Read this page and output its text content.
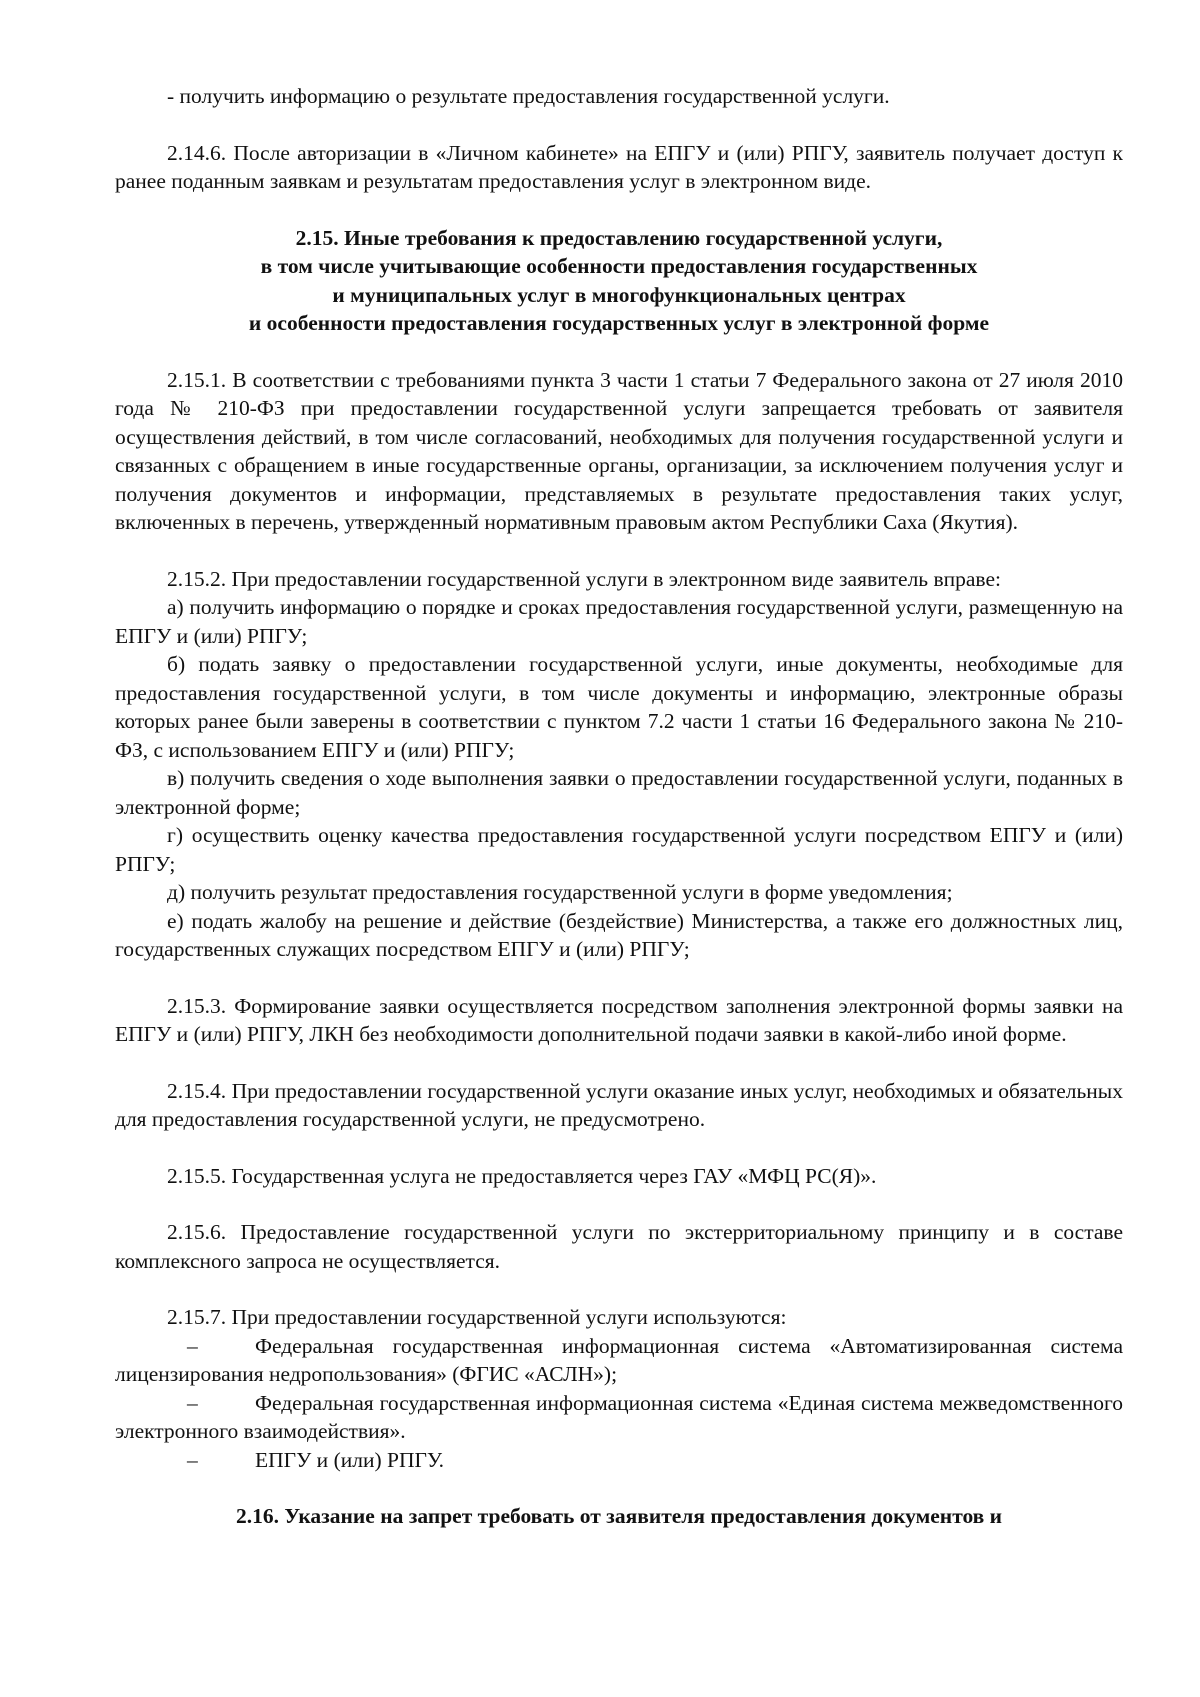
- получить информацию о результате предоставления государственной услуги.

2.14.6. После авторизации в «Личном кабинете» на ЕПГУ и (или) РПГУ, заявитель получает доступ к ранее поданным заявкам и результатам предоставления услуг в электронном виде.

2.15. Иные требования к предоставлению государственной услуги,
в том числе учитывающие особенности предоставления государственных
и муниципальных услуг в многофункциональных центрах
и особенности предоставления государственных услуг в электронной форме

2.15.1. В соответствии с требованиями пункта 3 части 1 статьи 7 Федерального закона от 27 июля 2010 года № 210-ФЗ при предоставлении государственной услуги запрещается требовать от заявителя осуществления действий, в том числе согласований, необходимых для получения государственной услуги и связанных с обращением в иные государственные органы, организации, за исключением получения услуг и получения документов и информации, представляемых в результате предоставления таких услуг, включенных в перечень, утвержденный нормативным правовым актом Республики Саха (Якутия).

2.15.2. При предоставлении государственной услуги в электронном виде заявитель вправе:

а) получить информацию о порядке и сроках предоставления государственной услуги, размещенную на ЕПГУ и (или) РПГУ;

б) подать заявку о предоставлении государственной услуги, иные документы, необходимые для предоставления государственной услуги, в том числе документы и информацию, электронные образы которых ранее были заверены в соответствии с пунктом 7.2 части 1 статьи 16 Федерального закона № 210-ФЗ, с использованием ЕПГУ и (или) РПГУ;

в) получить сведения о ходе выполнения заявки о предоставлении государственной услуги, поданных в электронной форме;

г) осуществить оценку качества предоставления государственной услуги посредством ЕПГУ и (или) РПГУ;

д) получить результат предоставления государственной услуги в форме уведомления;

е) подать жалобу на решение и действие (бездействие) Министерства, а также его должностных лиц, государственных служащих посредством ЕПГУ и (или) РПГУ;

2.15.3. Формирование заявки осуществляется посредством заполнения электронной формы заявки на ЕПГУ и (или) РПГУ, ЛКН без необходимости дополнительной подачи заявки в какой-либо иной форме.

2.15.4. При предоставлении государственной услуги оказание иных услуг, необходимых и обязательных для предоставления государственной услуги, не предусмотрено.

2.15.5. Государственная услуга не предоставляется через ГАУ «МФЦ РС(Я)».

2.15.6. Предоставление государственной услуги по экстерриториальному принципу и в составе комплексного запроса не осуществляется.

2.15.7. При предоставлении государственной услуги используются:

–	Федеральная государственная информационная система «Автоматизированная система лицензирования недропользования» (ФГИС «АСЛН»);

–	Федеральная государственная информационная система «Единая система межведомственного электронного взаимодействия».

–	ЕПГУ и (или) РПГУ.

2.16. Указание на запрет требовать от заявителя предоставления документов и
